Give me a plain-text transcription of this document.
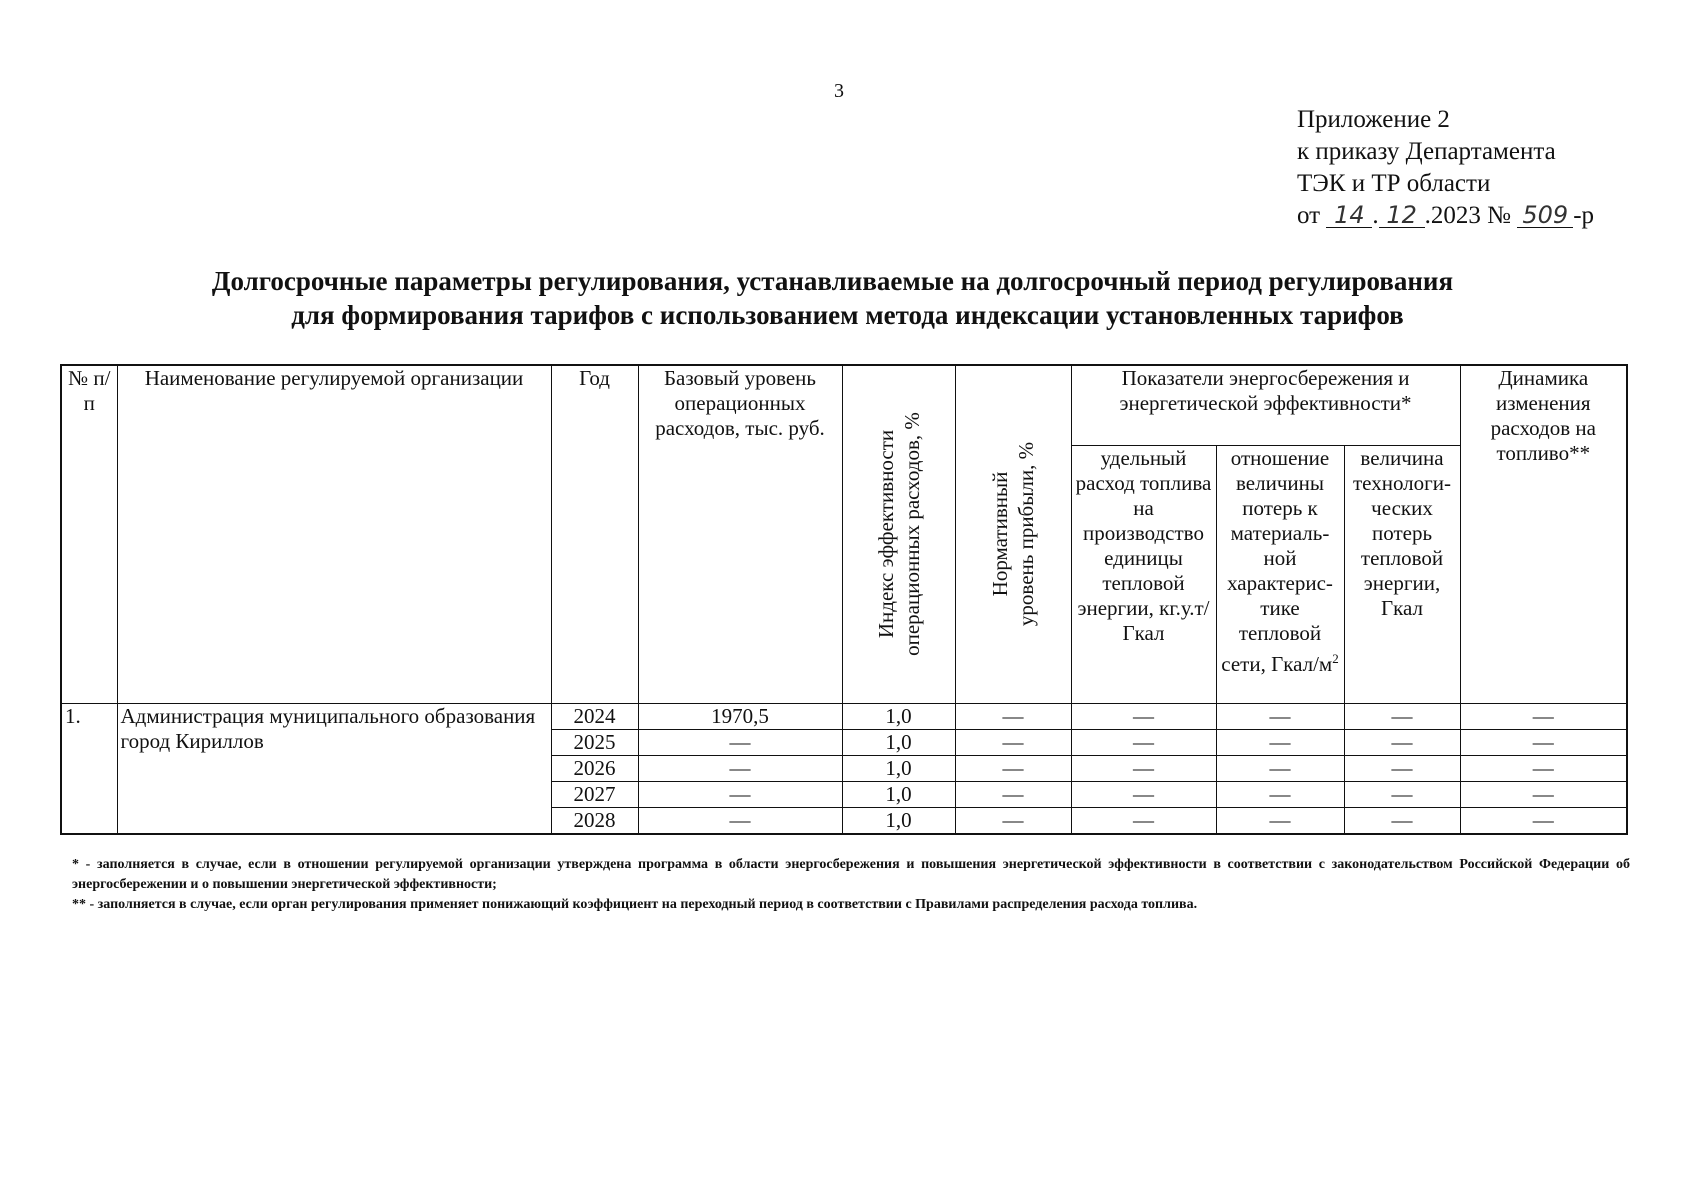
3
Приложение 2
к приказу Департамента
ТЭК и ТР области
от 14 . 12 .2023 № 509 -р
Долгосрочные параметры регулирования, устанавливаемые на долгосрочный период регулирования
для формирования тарифов с использованием метода индексации установленных тарифов
№ п/п	Наименование регулируемой организации	Год	Базовый уровень операционных расходов, тыс. руб.	Индекс эффективности операционных расходов, %	Нормативный уровень прибыли, %	Показатели энергосбережения и энергетической эффективности*			Динамика изменения расходов на топливо**
						удельный расход топлива на производство единицы тепловой энергии, кг.у.т/Гкал	отношение величины потерь к материаль-ной характерис-тике тепловой сети, Гкал/$м^2$	величина технологи-ческих потерь тепловой энергии, Гкал	
1.	Администрация муниципального образования город Кириллов	2024	1970,5	1,0	—	—	—	—	—
		2025	—	1,0	—	—	—	—	—
		2026	—	1,0	—	—	—	—	—
		2027	—	1,0	—	—	—	—	—
		2028	—	1,0	—	—	—	—	—

* - заполняется в случае, если в отношении регулируемой организации утверждена программа в области энергосбережения и повышения энергетической эффективности в соответствии с законодательством Российской Федерации об энергосбережении и о повышении энергетической эффективности;

** - заполняется в случае, если орган регулирования применяет понижающий коэффициент на переходный период в соответствии с Правилами распределения расхода топлива.
